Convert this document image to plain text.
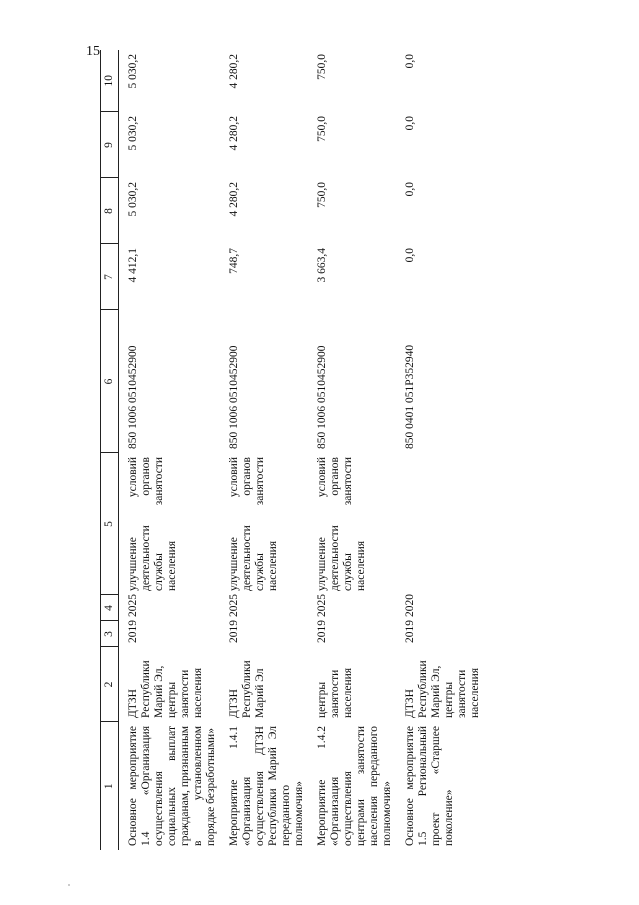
15
1	2	3	4	5	6	7	8	9	10

Основное мероприятие 1.4 «Организация осуществления социальных выплат гражданам, признанным в установленном порядке безработными»	ДТЗН Республики Марий Эл, центры занятости населения	2019	2025	улучшение условий деятельности органов службы занятости населения	850 1006 0510452900	4 412,1	5 030,2	5 030,2	5 030,2

Мероприятие 1.4.1 «Организация осуществления ДТЗН Республики Марий Эл переданного полномочия»	ДТЗН Республики Марий Эл	2019	2025	улучшение условий деятельности органов службы занятости населения	850 1006 0510452900	748,7	4 280,2	4 280,2	4 280,2

Мероприятие 1.4.2 «Организация осуществления центрами занятости населения переданного полномочия»	центры занятости населения	2019	2025	улучшение условий деятельности органов службы занятости населения	850 1006 0510452900	3 663,4	750,0	750,0	750,0

Основное мероприятие 1.5 Региональный проект «Старшее поколение»	ДТЗН Республики Марий Эл, центры занятости населения	2019	2020		850 0401 051P352940	0,0	0,0	0,0	0,0
